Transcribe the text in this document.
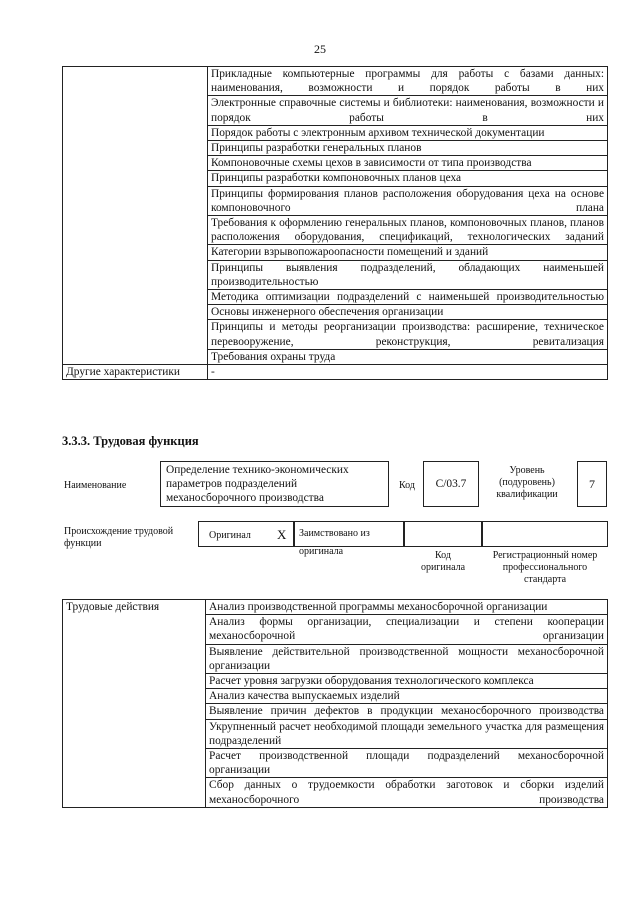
25
	Прикладные компьютерные программы для работы с базами данных: наименования, возможности и порядок работы в них
	Электронные справочные системы и библиотеки: наименования, возможности и порядок работы в них
	Порядок работы с электронным архивом технической документации
	Принципы разработки генеральных планов
	Компоновочные схемы цехов в зависимости от типа производства
	Принципы разработки компоновочных планов цеха
	Принципы формирования планов расположения оборудования цеха на основе компоновочного плана
	Требования к оформлению генеральных планов, компоновочных планов, планов расположения оборудования, спецификаций, технологических заданий
	Категории взрывопожароопасности помещений и зданий
	Принципы выявления подразделений, обладающих наименьшей производительностью
	Методика оптимизации подразделений с наименьшей производительностью
	Основы инженерного обеспечения организации
	Принципы и методы реорганизации производства: расширение, техническое перевооружение, реконструкция, ревитализация
	Требования охраны труда
Другие характеристики	-
3.3.3. Трудовая функция
Наименование
Определение технико-экономических параметров подразделений механосборочного производства
Код	C/03.7
Уровень (подуровень) квалификации
7
Происхождение трудовой функции
Оригинал X	Заимствовано из оригинала	Код оригинала
Регистрационный номер профессионального стандарта
Трудовые действия	Анализ производственной программы механосборочной организации
Анализ формы организации, специализации и степени кооперации механосборочной организации
Выявление действительной производственной мощности механосборочной организации
Расчет уровня загрузки оборудования технологического комплекса
Анализ качества выпускаемых изделий
Выявление причин дефектов в продукции механосборочного производства
Укрупненный расчет необходимой площади земельного участка для размещения подразделений
Расчет производственной площади подразделений механосборочной организации
Сбор данных о трудоемкости обработки заготовок и сборки изделий механосборочного производства
